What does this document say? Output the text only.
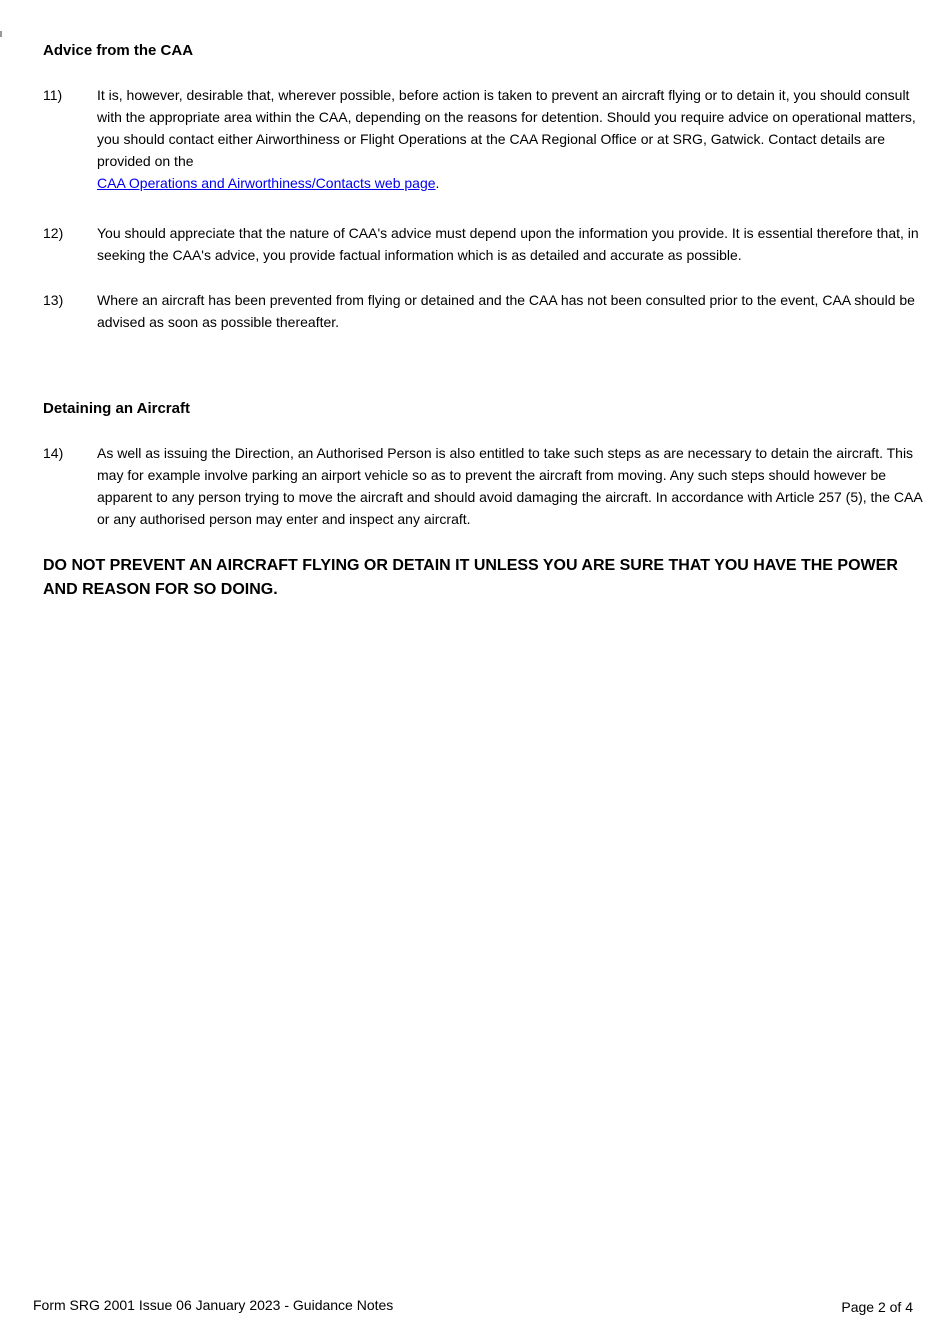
Advice from the CAA
11)	It is, however, desirable that, wherever possible, before action is taken to prevent an aircraft flying or to detain it, you should consult with the appropriate area within the CAA, depending on the reasons for detention. Should you require advice on operational matters, you should contact either Airworthiness or Flight Operations at the CAA Regional Office or at SRG, Gatwick. Contact details are provided on the
CAA Operations and Airworthiness/Contacts web page.
12)	You should appreciate that the nature of CAA's advice must depend upon the information you provide. It is essential therefore that, in seeking the CAA's advice, you provide factual information which is as detailed and accurate as possible.
13)	Where an aircraft has been prevented from flying or detained and the CAA has not been consulted prior to the event, CAA should be advised as soon as possible thereafter.
Detaining an Aircraft
14)	As well as issuing the Direction, an Authorised Person is also entitled to take such steps as are necessary to detain the aircraft. This may for example involve parking an airport vehicle so as to prevent the aircraft from moving. Any such steps should however be apparent to any person trying to move the aircraft and should avoid damaging the aircraft. In accordance with Article 257 (5), the CAA or any authorised person may enter and inspect any aircraft.
DO NOT PREVENT AN AIRCRAFT FLYING OR DETAIN IT UNLESS YOU ARE SURE THAT YOU HAVE THE POWER AND REASON FOR SO DOING.
Form SRG 2001 Issue 06 January 2023 - Guidance Notes	Page 2 of 4
